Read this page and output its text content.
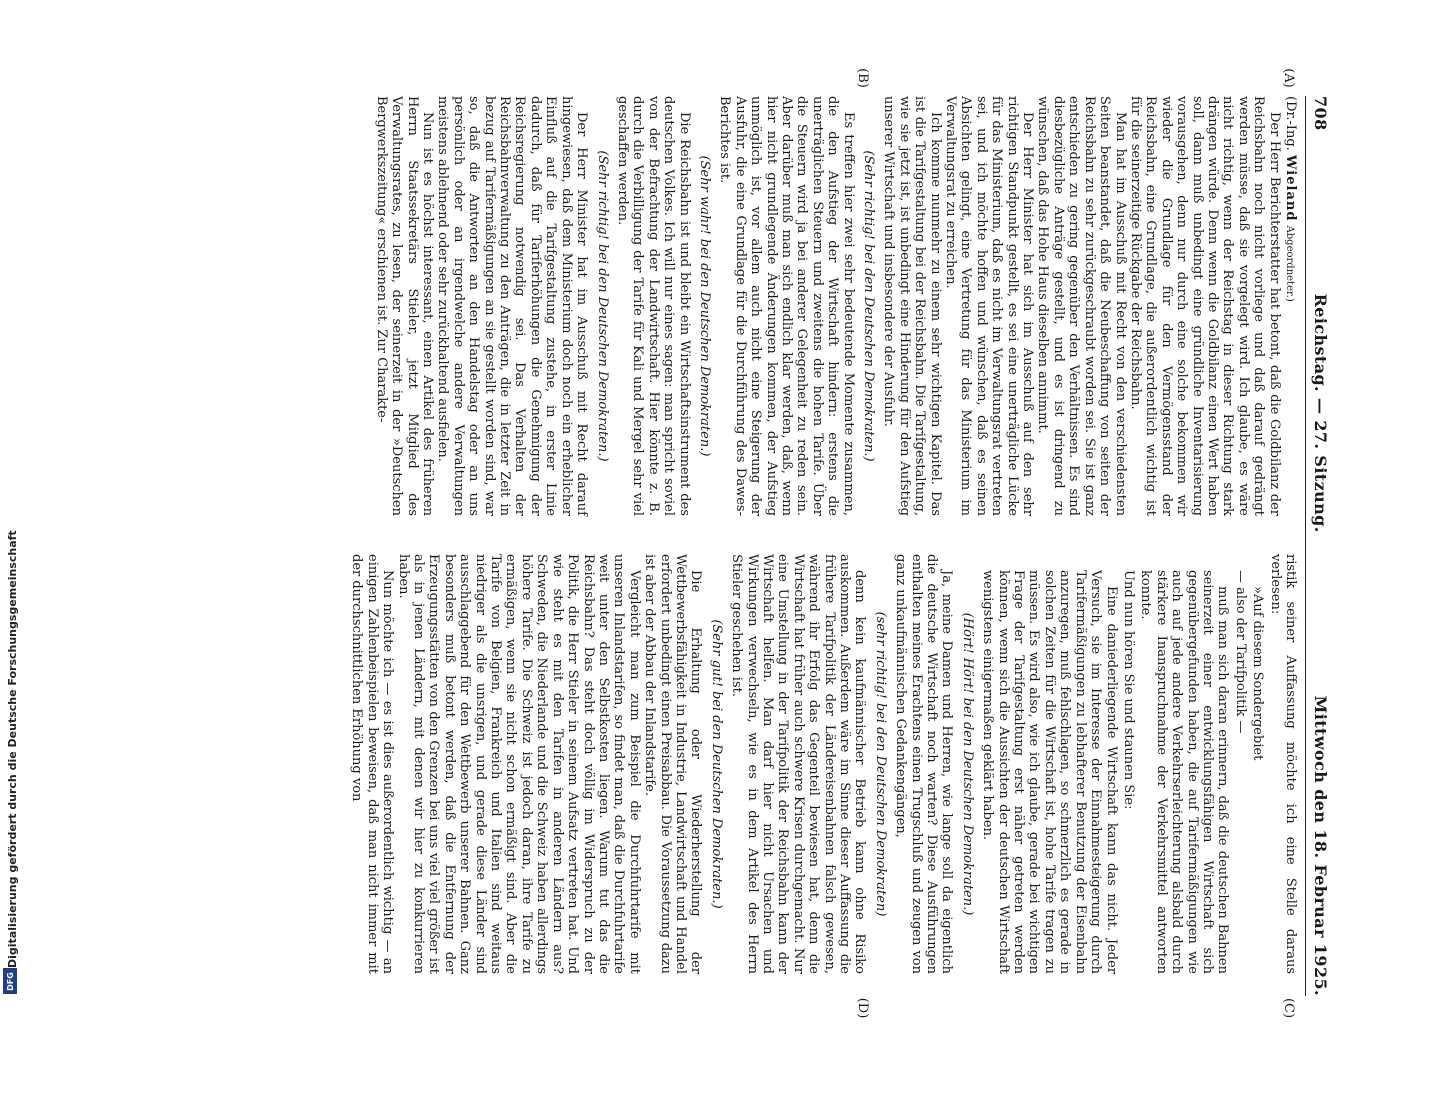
708
Reichstag. — 27. Sitzung.
Mittwoch den 18. Februar 1925.
(A)
(B)
(C)
(D)

(Dr.-Ing. Wieland Abgeordneter.)

Der Herr Berichterstatter hat betont, daß die Goldbilanz der Reichsbahn noch nicht vorliege und daß darauf gedrängt werden müsse, daß sie vorgelegt wird. Ich glaube, es wäre nicht richtig, wenn der Reichstag in dieser Richtung stark drängen würde. Denn wenn die Goldbilanz einen Wert haben soll, dann muß unbedingt eine gründliche Inventarisierung vorausgehen, denn nur durch eine solche bekommen wir wieder die Grundlage für den Vermögensstand der Reichsbahn, eine Grundlage, die außerordentlich wichtig ist für die seinerzeitige Rückgabe der Reichsbahn.

Man hat im Ausschuß mit Recht von den verschiedensten Seiten beanstandet, daß die Neubeschaffung von seiten der Reichsbahn zu sehr zurückgeschraubt worden sei. Sie ist ganz entschieden zu gering gegenüber den Verhältnissen. Es sind diesbezügliche Anträge gestellt, und es ist dringend zu wünschen, daß das Hohe Haus dieselben annimmt.

Der Herr Minister hat sich im Ausschuß auf den sehr richtigen Standpunkt gestellt, es sei eine unerträgliche Lücke für das Ministerium, daß es nicht im Verwaltungsrat vertreten sei, und ich möchte hoffen und wünschen, daß es seinen Absichten gelingt, eine Vertretung für das Ministerium im Verwaltungsrat zu erreichen.

Ich komme nunmehr zu einem sehr wichtigen Kapitel. Das ist die Tarifgestaltung bei der Reichsbahn. Die Tarifgestaltung, wie sie jetzt ist, ist unbedingt eine Hinderung für den Aufstieg unserer Wirtschaft und insbesondere der Ausfuhr.

(Sehr richtig! bei den Deutschen Demokraten.)

Es treffen hier zwei sehr bedeutende Momente zusammen, die den Aufstieg der Wirtschaft hindern: erstens die unerträglichen Steuern und zweitens die hohen Tarife. Über die Steuern wird ja bei anderer Gelegenheit zu reden sein. Aber darüber muß man sich endlich klar werden, daß, wenn hier nicht grundlegende Änderungen kommen, der Aufstieg unmöglich ist, vor allem auch nicht eine Steigerung der Ausfuhr, die eine Grundlage für die Durchführung des Dawes-Berichtes ist.

(Sehr wahr! bei den Deutschen Demokraten.)

Die Reichsbahn ist und bleibt ein Wirtschaftsinstrument des deutschen Volkes. Ich will nur eines sagen: man spricht soviel von der Befrachtung der Landwirtschaft. Hier könnte z. B. durch die Verbilligung der Tarife für Kali und Mergel sehr viel geschaffen werden.

(Sehr richtig! bei den Deutschen Demokraten.)

Der Herr Minister hat im Ausschuß mit Recht darauf hingewiesen, daß dem Ministerium doch noch ein erheblicher Einfluß auf die Tarifgestaltung zustehe, in erster Linie dadurch, daß für Tariferhöhungen die Genehmigung der Reichsregierung notwendig sei. Das Verhalten der Reichsbahnverwaltung zu den Anträgen, die in letzter Zeit in bezug auf Tarifermäßigungen an sie gestellt worden sind, war so, daß die Antworten an den Handelstag oder an uns persönlich oder an irgendwelche andere Verwaltungen meistens ablehnend oder sehr zurückhaltend ausfielen.

Nun ist es höchst interessant, einen Artikel des früheren Herrn Staatssekretärs Stieler, jetzt Mitglied des Verwaltungsrates, zu lesen, der seinerzeit in der »Deutschen Bergwerkszeitung« erschienen ist. Zur Charakte-

ristik seiner Auffassung möchte ich eine Stelle daraus verlesen:

»Auf diesem Sondergebiet

— also der Tarifpolitik —

muß man sich daran erinnern, daß die deutschen Bahnen seinerzeit einer entwicklungsfähigen Wirtschaft sich gegenübergefunden haben, die auf Tarifermäßigungen wie auch auf jede andere Verkehrserleichterung alsbald durch stärkere Inanspruchnahme der Verkehrsmittel antworten konnte.

Und nun hören Sie und staunen Sie:

Eine daniederliegende Wirtschaft kann das nicht. Jeder Versuch, sie im Interesse der Einnahmesteigerung durch Tarifermäßigungen zu lebhafterer Benutzung der Eisenbahn anzuregen, muß fehlschlagen, so schmerzlich es gerade in solchen Zeiten für die Wirtschaft ist, hohe Tarife tragen zu müssen. Es wird also, wie ich glaube, gerade bei wichtigen Frage der Tarifgestaltung erst näher getreten werden können, wenn sich die Aussichten der deutschen Wirtschaft wenigstens einigermaßen geklärt haben.

(Hört! Hört! bei den Deutschen Demokraten.)

Ja, meine Damen und Herren, wie lange soll da eigentlich die deutsche Wirtschaft noch warten? Diese Ausführungen enthalten meines Erachtens einen Trugschluß und zeugen von ganz unkaufmännischen Gedankengängen,

(sehr richtig! bei den Deutschen Demokraten)

denn kein kaufmännischer Betrieb kann ohne Risiko auskommen. Außerdem wäre im Sinne dieser Auffassung die frühere Tarifpolitik der Ländereisenbahnen falsch gewesen, während ihr Erfolg das Gegenteil bewiesen hat, denn die Wirtschaft hat früher auch schwere Krisen durchgemacht. Nur eine Umstellung in der Tarifpolitik der Reichsbahn kann der Wirtschaft helfen. Man darf hier nicht Ursachen und Wirkungen verwechseln, wie es in dem Artikel des Herrn Stieler geschehen ist.

(Sehr gut! bei den Deutschen Demokraten.)

Die Erhaltung oder Wiederherstellung der Wettbewerbsfähigkeit in Industrie, Landwirtschaft und Handel erfordert unbedingt einen Preisabbau. Die Voraussetzung dazu ist aber der Abbau der Inlandstarife.

Vergleicht man zum Beispiel die Durchfuhrtarife mit unseren Inlandstarifen, so findet man, daß die Durchfuhrtarife weit unter den Selbstkosten liegen. Warum tut das die Reichsbahn? Das steht doch völlig im Widerspruch zu der Politik, die Herr Stieler in seinem Aufsatz vertreten hat. Und wie steht es mit den Tarifen in anderen Ländern aus? Schweden, die Niederlande und die Schweiz haben allerdings höhere Tarife. Die Schweiz ist jedoch daran, ihre Tarife zu ermäßigen, wenn sie nicht schon ermäßigt sind. Aber die Tarife von Belgien, Frankreich und Italien sind weitaus niedriger als die unsrigen, und gerade diese Länder sind ausschlaggebend für den Wettbewerb unserer Bahnen. Ganz besonders muß betont werden, daß die Entfernung der Erzeugungsstätten von den Grenzen bei uns viel viel größer ist als in jenen Ländern, mit denen wir hier zu konkurrieren haben.

Nun möchte ich — es ist dies außerordentlich wichtig — an einigen Zahlenbeispielen beweisen, daß man nicht immer mit der durchschnittlichen Erhöhung von

Digitalisierung gefördert durch die Deutsche Forschungsgemeinschaft
DFG
